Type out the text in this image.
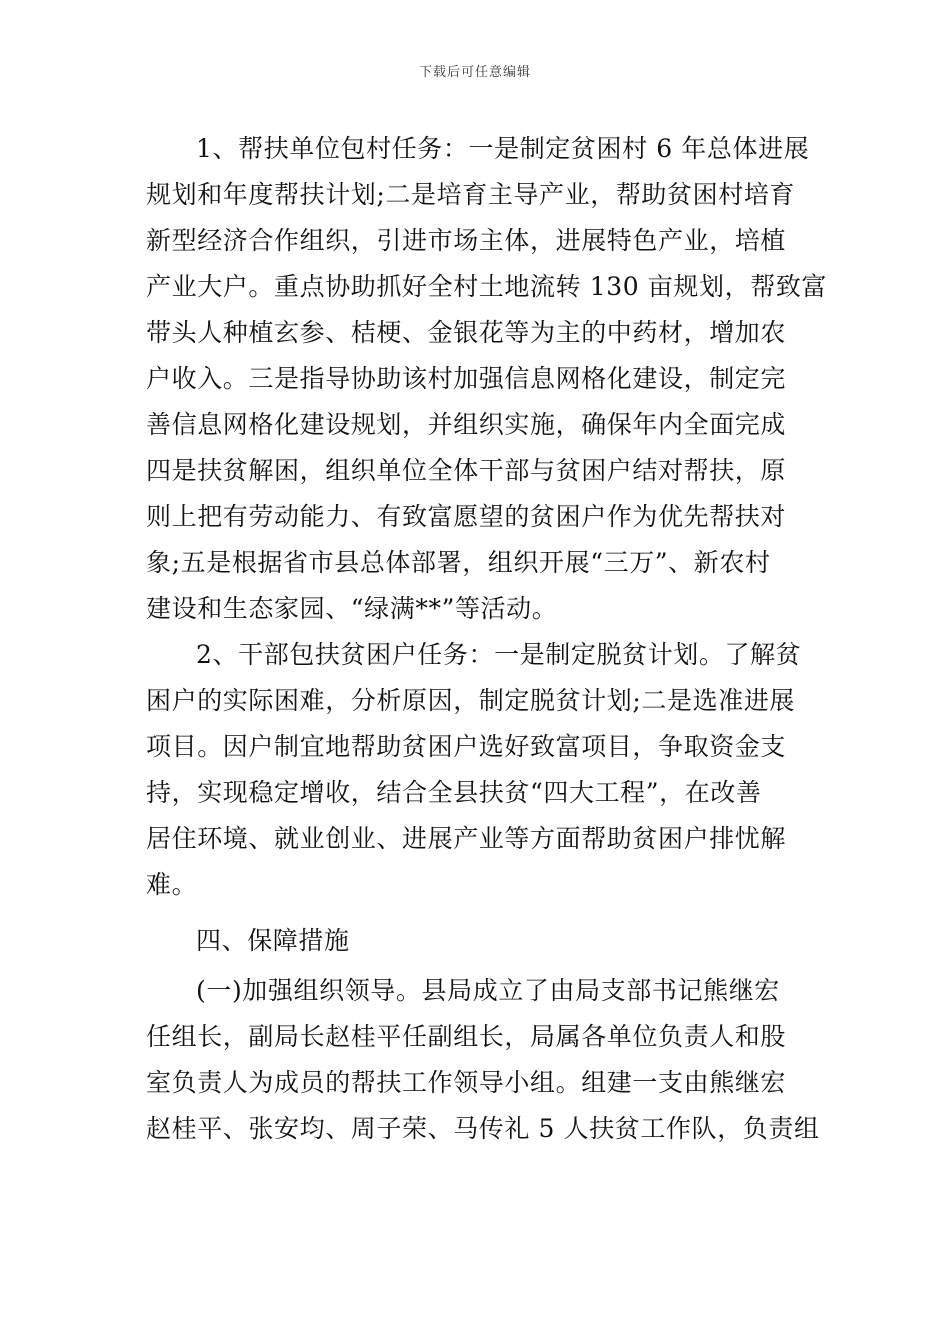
下载后可任意编辑
1、帮扶单位包村任务：一是制定贫困村 6 年总体进展
规划和年度帮扶计划;二是培育主导产业，帮助贫困村培育
新型经济合作组织，引进市场主体，进展特色产业，培植
产业大户。重点协助抓好全村土地流转 130 亩规划，帮致富
带头人种植玄参、桔梗、金银花等为主的中药材，增加农
户收入。三是指导协助该村加强信息网格化建设，制定完
善信息网格化建设规划，并组织实施，确保年内全面完成
四是扶贫解困，组织单位全体干部与贫困户结对帮扶，原
则上把有劳动能力、有致富愿望的贫困户作为优先帮扶对
象;五是根据省市县总体部署，组织开展“三万”、新农村
建设和生态家园、“绿满**”等活动。
2、干部包扶贫困户任务：一是制定脱贫计划。了解贫
困户的实际困难，分析原因，制定脱贫计划;二是选准进展
项目。因户制宜地帮助贫困户选好致富项目，争取资金支
持，实现稳定增收，结合全县扶贫“四大工程”，在改善
居住环境、就业创业、进展产业等方面帮助贫困户排忧解
难。
四、保障措施
(一)加强组织领导。县局成立了由局支部书记熊继宏
任组长，副局长赵桂平任副组长，局属各单位负责人和股
室负责人为成员的帮扶工作领导小组。组建一支由熊继宏
赵桂平、张安均、周子荣、马传礼 5 人扶贫工作队，负责组
